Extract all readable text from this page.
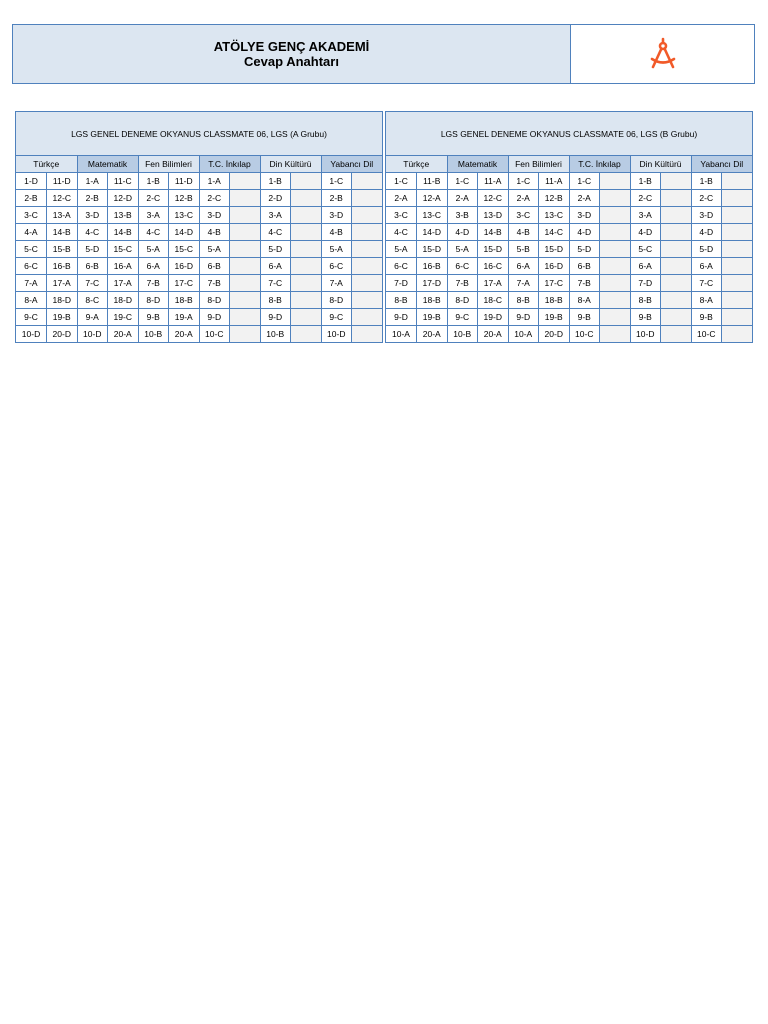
ATÖLYE GENÇ AKADEMİ
Cevap Anahtarı
LGS GENEL DENEME OKYANUS CLASSMATE 06, LGS (A Grubu)
Türkçe		Matematik		Fen Bilimleri		T.C. İnkılap		Din Kültürü		Yabancı Dil	
1-D	11-D	1-A	11-C	1-B	11-D	1-A		1-B		1-C	
2-B	12-C	2-B	12-D	2-C	12-B	2-C		2-D		2-B	
3-C	13-A	3-D	13-B	3-A	13-C	3-D		3-A		3-D	
4-A	14-B	4-C	14-B	4-C	14-D	4-B		4-C		4-B	
5-C	15-B	5-D	15-C	5-A	15-C	5-A		5-D		5-A	
6-C	16-B	6-B	16-A	6-A	16-D	6-B		6-A		6-C	
7-A	17-A	7-C	17-A	7-B	17-C	7-B		7-C		7-A	
8-A	18-D	8-C	18-D	8-D	18-B	8-D		8-B		8-D	
9-C	19-B	9-A	19-C	9-B	19-A	9-D		9-D		9-C	
10-D	20-D	10-D	20-A	10-B	20-A	10-C		10-B		10-D	
LGS GENEL DENEME OKYANUS CLASSMATE 06, LGS (B Grubu)
Türkçe		Matematik		Fen Bilimleri		T.C. İnkılap		Din Kültürü		Yabancı Dil	
1-C	11-B	1-C	11-A	1-C	11-A	1-C		1-B		1-B	
2-A	12-A	2-A	12-C	2-A	12-B	2-A		2-C		2-C	
3-C	13-C	3-B	13-D	3-C	13-C	3-D		3-A		3-D	
4-C	14-D	4-D	14-B	4-B	14-C	4-D		4-D		4-D	
5-A	15-D	5-A	15-D	5-B	15-D	5-D		5-C		5-D	
6-C	16-B	6-C	16-C	6-A	16-D	6-B		6-A		6-A	
7-D	17-D	7-B	17-A	7-A	17-C	7-B		7-D		7-C	
8-B	18-B	8-D	18-C	8-B	18-B	8-A		8-B		8-A	
9-D	19-B	9-C	19-D	9-D	19-B	9-B		9-B		9-B	
10-A	20-A	10-B	20-A	10-A	20-D	10-C		10-D		10-C	
